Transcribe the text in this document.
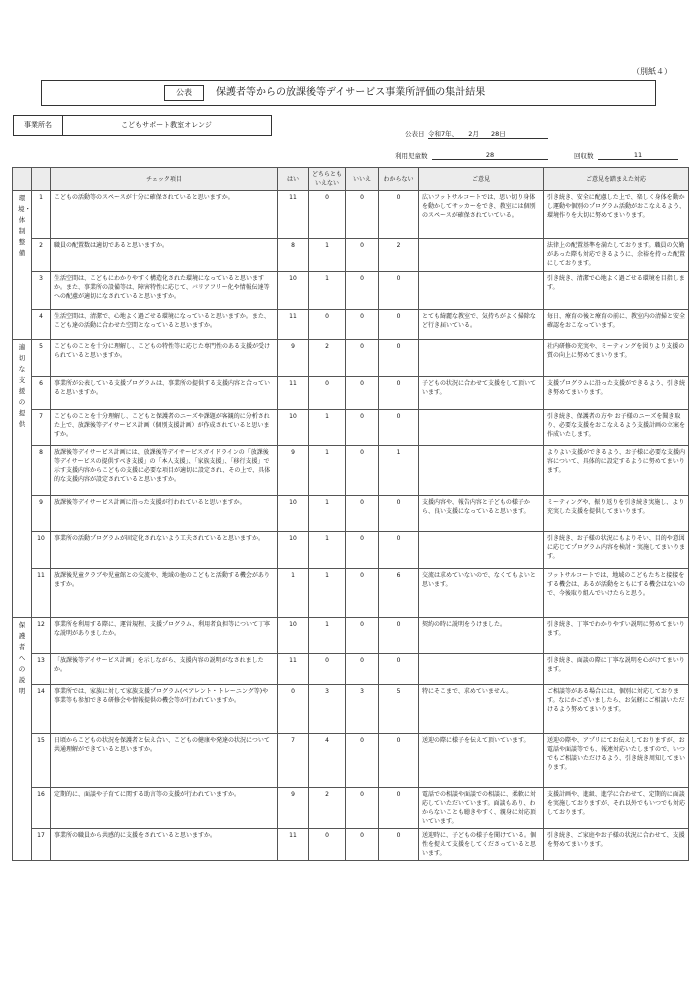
（別紙４）
公表	保護者等からの放課後等デイサービス事業所評価の集計結果
事業所名	こどもサポート教室オレンジ
公表日 令和7年、 2月 28日
利用児童数	28	回収数	11
		チェック項目	はい	どちらともいえない	いいえ	わからない	ご意見	ご意見を踏まえた対応
環境・体制整備	1	こどもの活動等のスペースが十分に確保されていると思いますか。	11	0	0	0	広いフットサルコートでは、思い切り身体を動かしてサッカーをでき、教室には個別のスペースが確保されていている。	引き続き、安全に配慮した上で、楽しく身体を動かし運動や個別のプログラム活動がおこなえるよう、環境作りを大切に努めてまいります。
	2	職員の配置数は適切であると思いますか。	8	1	0	2		法律上の配置基準を満たしております。職員の欠勤があった際も対応できるように、余裕を持った配置にしております。
	3	生活空間は、こどもにわかりやすく構造化された環境になっていると思いますか。また、事業所の設備等は、障害特性に応じて、バリアフリー化や情報伝達等への配慮が適切になされていると思いますか。	10	1	0	0		引き続き、清潔で心地よく過ごせる環境を目指します。
	4	生活空間は、清潔で、心地よく過ごせる環境になっていると思いますか。また、こども達の活動に合わせた空間となっていると思いますか。	11	0	0	0	とても綺麗な教室で、気持ちがよく掃除など行き届いている。	毎日、療育の後と療育の前に、教室内の清掃と安全確認をおこなっています。
適切な支援の提供	5	こどものことを十分に理解し、こどもの特性等に応じた専門性のある支援が受けられていると思いますか。	9	2	0	0		社内研修の充実や、ミーティングを図りより支援の質の向上に努めてまいります。
	6	事業所が公表している支援プログラムは、事業所の提供する支援内容と合っていると思いますか。	11	0	0	0	子どもの状況に合わせて支援をして頂いています。	支援プログラムに沿った支援ができるよう、引き続き努めてまいります。
	7	こどものことを十分理解し、こどもと保護者のニーズや課題が客観的に分析された上で、放課後等デイサービス計画（個別支援計画）が作成されていると思いますか。	10	1	0	0		引き続き、保護者の方や お子様のニーズを聞き取り、必要な支援をおこなえるよう支援計画の立案を作成いたします。
	8	放課後等デイサービス計画には、放課後等デイサービスガイドラインの「放課後等デイサービスの提供すべき支援」の「本人支援」、「家族支援」、「移行支援」で示す支援内容からこどもの支援に必要な項目が適切に設定され、その上で、具体的な支援内容が設定されていると思いますか。	9	1	0	1		よりよい支援ができるよう、お子様に必要な支援内容について、具体的に設定するように努めてまいります。
	9	放課後等デイサービス計画に沿った支援が行われていると思いますか。	10	1	0	0	支援内容や、報告内容と子どもの様子から、良い支援になっていると思います。	ミーティングや、振り返りを引き続き実施し、より充実した支援を提供してまいります。
	10	事業所の活動プログラムが固定化されないよう工夫されていると思いますか。	10	1	0	0		引き続き、お子様の状況にもよりそい、目的や意図に応じてプログラム内容を検討・実施してまいります。
	11	放課後児童クラブや児童館との交流や、地域の他のこどもと活動する機会がありますか。	1	1	0	6	交流は求めていないので、なくてもよいと思います。	フットサルコートでは、地域のこどもたちと接接をする機会は、あるが活動をともにする機会はないので、今後取り組んでいけたらと思う。
保護者への説明	12	事業所を利用する際に、運営規程、支援プログラム、利用者負担等について丁寧な説明がありましたか。	10	1	0	0	契約の時に説明をうけました。	引き続き、丁寧でわかりやすい説明に努めてまいります。
	13	「放課後等デイサービス計画」を示しながら、支援内容の説明がなされましたか。	11	0	0	0		引き続き、面談の際に丁寧な説明を心がけてまいります。
	14	事業所では、家族に対して家族支援プログラム(ペアレント・トレーニング等)や事業等も参加できる研修会や情報提供の機会等が行われていますか。	0	3	3	5	特にそこまで、求めていません。	ご相談等がある場合には、個別に対応しております。なにかございましたら、お気軽にご相談いただけるよう努めてまいります。
	15	日頃からこどもの状況を保護者と伝え合い、こどもの健康や発達の状況について共通理解ができていると思いますか。	7	4	0	0	送迎の際に様子を伝えて頂いています。	送迎の際や、アプリにてお伝えしておりますが、お電話や面談等でも、報連対応いたしますので、いつでもご相談いただけるよう、引き続き周知してまいります。
	16	定期的に、面談や子育てに関する助言等の支援が行われていますか。	9	2	0	0	電話での相談や面談での相談に、柔軟に対応していただいています。面談もあり、わからないことも聴きやすく、親身に対応頂いています。	支援計画や、進級、進学に合わせて、定期的に面談を実施しておりますが、それ以外でもいつでも対応しております。
	17	事業所の職員から共感的に支援をされていると思いますか。	11	0	0	0	送迎時に、子どもの様子を聞けている。個性を捉えて支援をしてくださっていると思います。	引き続き、ご家庭やお子様の状況に合わせて、支援を努めてまいります。
